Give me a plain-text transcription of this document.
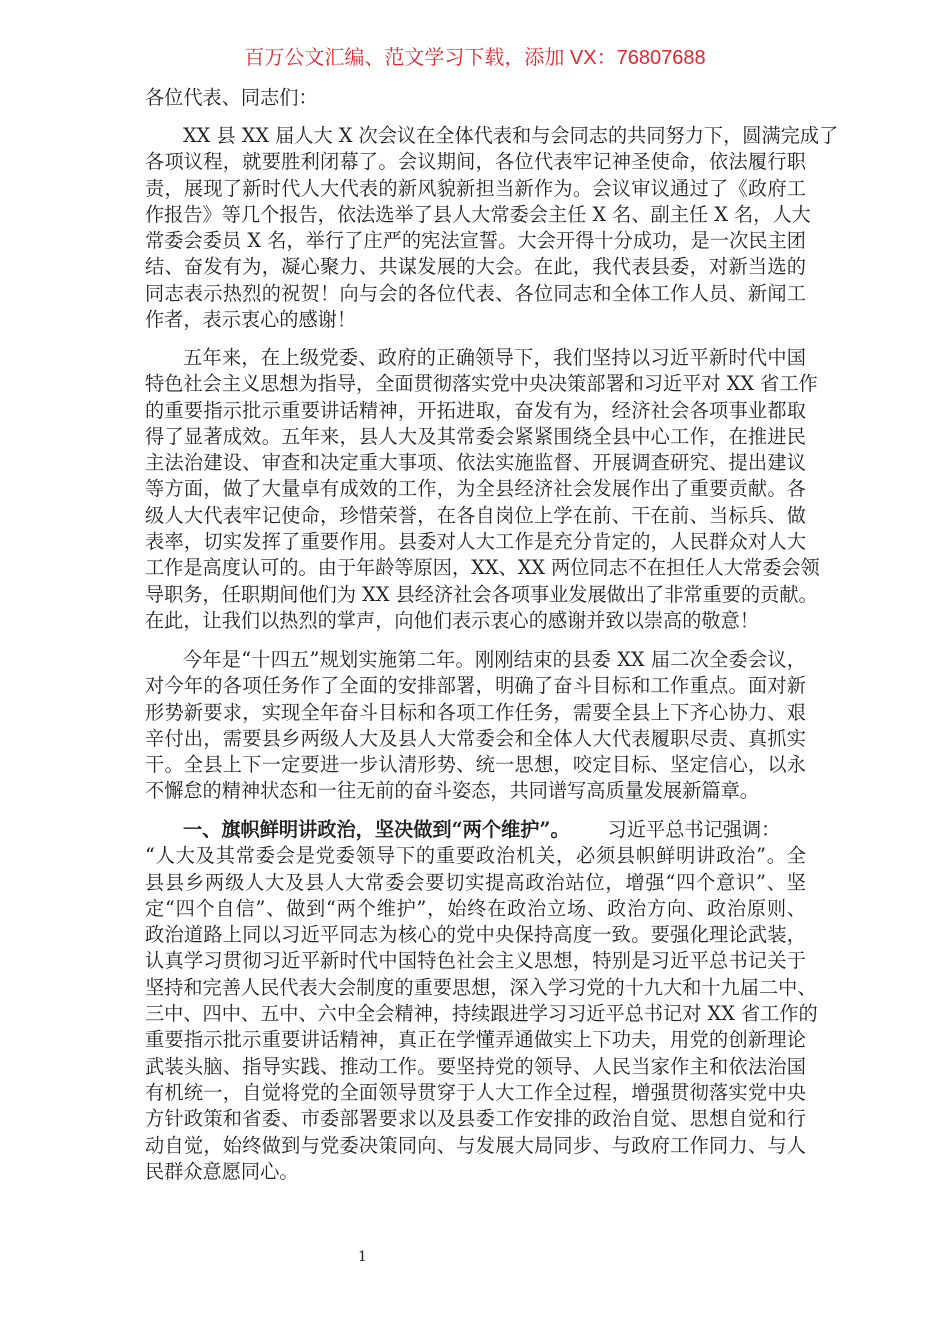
百万公文汇编、范文学习下载，添加 VX：76807688
各位代表、同志们：
XX 县 XX 届人大 X 次会议在全体代表和与会同志的共同努力下，圆满完成了
各项议程，就要胜利闭幕了。会议期间，各位代表牢记神圣使命，依法履行职
责，展现了新时代人大代表的新风貌新担当新作为。会议审议通过了《政府工
作报告》等几个报告，依法选举了县人大常委会主任 X 名、副主任 X 名，人大
常委会委员 X 名，举行了庄严的宪法宣誓。大会开得十分成功，是一次民主团
结、奋发有为，凝心聚力、共谋发展的大会。在此，我代表县委，对新当选的
同志表示热烈的祝贺！向与会的各位代表、各位同志和全体工作人员、新闻工
作者，表示衷心的感谢！
五年来，在上级党委、政府的正确领导下，我们坚持以习近平新时代中国
特色社会主义思想为指导，全面贯彻落实党中央决策部署和习近平对 XX 省工作
的重要指示批示重要讲话精神，开拓进取，奋发有为，经济社会各项事业都取
得了显著成效。五年来，县人大及其常委会紧紧围绕全县中心工作，在推进民
主法治建设、审查和决定重大事项、依法实施监督、开展调查研究、提出建议
等方面，做了大量卓有成效的工作，为全县经济社会发展作出了重要贡献。各
级人大代表牢记使命，珍惜荣誉，在各自岗位上学在前、干在前、当标兵、做
表率，切实发挥了重要作用。县委对人大工作是充分肯定的，人民群众对人大
工作是高度认可的。由于年龄等原因，XX、XX 两位同志不在担任人大常委会领
导职务，任职期间他们为 XX 县经济社会各项事业发展做出了非常重要的贡献。
在此，让我们以热烈的掌声，向他们表示衷心的感谢并致以崇高的敬意！
今年是“十四五”规划实施第二年。刚刚结束的县委 XX 届二次全委会议，
对今年的各项任务作了全面的安排部署，明确了奋斗目标和工作重点。面对新
形势新要求，实现全年奋斗目标和各项工作任务，需要全县上下齐心协力、艰
辛付出，需要县乡两级人大及县人大常委会和全体人大代表履职尽责、真抓实
干。全县上下一定要进一步认清形势、统一思想，咬定目标、坚定信心，以永
不懈怠的精神状态和一往无前的奋斗姿态，共同谱写高质量发展新篇章。
一、旗帜鲜明讲政治，坚决做到“两个维护”。 习近平总书记强调：
“人大及其常委会是党委领导下的重要政治机关，必须县帜鲜明讲政治”。全
县县乡两级人大及县人大常委会要切实提高政治站位，增强“四个意识”、坚
定“四个自信”、做到“两个维护”，始终在政治立场、政治方向、政治原则、
政治道路上同以习近平同志为核心的党中央保持高度一致。要强化理论武装，
认真学习贯彻习近平新时代中国特色社会主义思想，特别是习近平总书记关于
坚持和完善人民代表大会制度的重要思想，深入学习党的十九大和十九届二中、
三中、四中、五中、六中全会精神，持续跟进学习习近平总书记对 XX 省工作的
重要指示批示重要讲话精神，真正在学懂弄通做实上下功夫，用党的创新理论
武装头脑、指导实践、推动工作。要坚持党的领导、人民当家作主和依法治国
有机统一，自觉将党的全面领导贯穿于人大工作全过程，增强贯彻落实党中央
方针政策和省委、市委部署要求以及县委工作安排的政治自觉、思想自觉和行
动自觉，始终做到与党委决策同向、与发展大局同步、与政府工作同力、与人
民群众意愿同心。
1
